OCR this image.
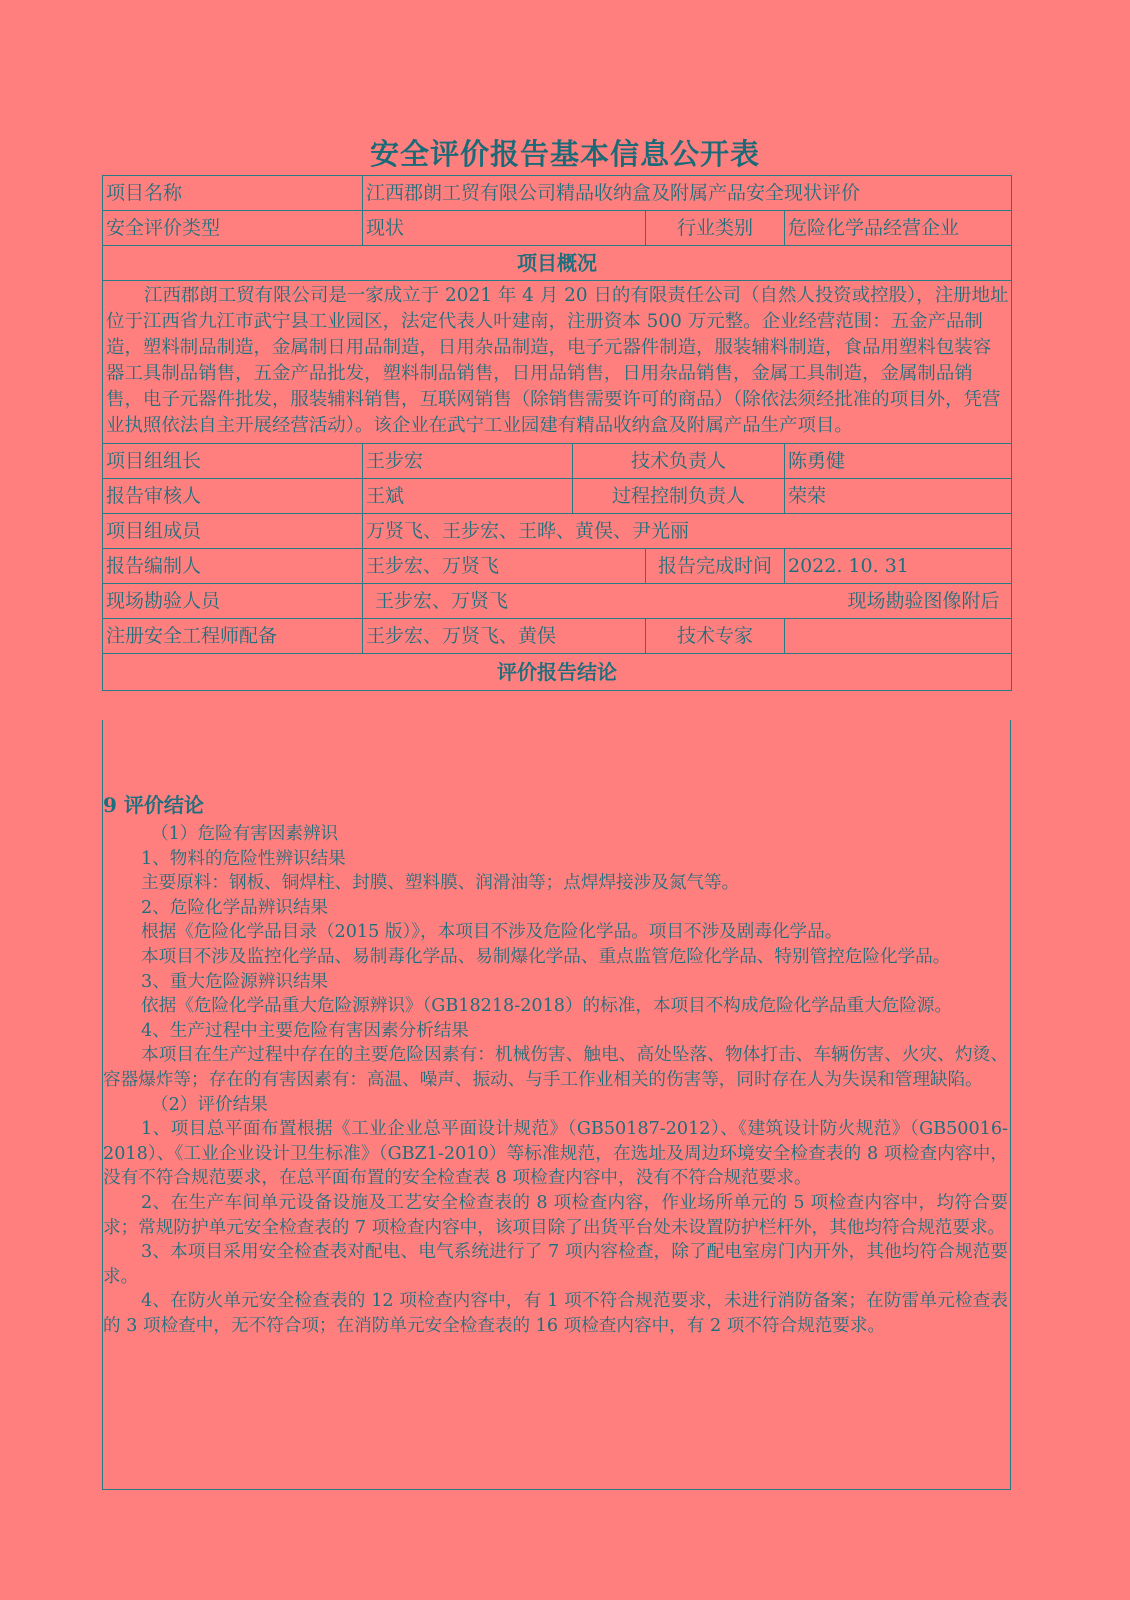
安全评价报告基本信息公开表
项目名称	江西郡朗工贸有限公司精品收纳盒及附属产品安全现状评价			
安全评价类型	现状		行业类别	危险化学品经营企业
项目概况				
江西郡朗工贸有限公司是一家成立于 2021 年 4 月 20 日的有限责任公司（自然人投资或控股），注册地址位于江西省九江市武宁县工业园区，法定代表人叶建南，注册资本 500 万元整。企业经营范围：五金产品制造，塑料制品制造，金属制日用品制造，日用杂品制造，电子元器件制造，服装辅料制造，食品用塑料包装容器工具制品销售，五金产品批发，塑料制品销售，日用品销售，日用杂品销售，金属工具制造，金属制品销售，电子元器件批发，服装辅料销售，互联网销售（除销售需要许可的商品）（除依法须经批准的项目外，凭营业执照依法自主开展经营活动）。该企业在武宁工业园建有精品收纳盒及附属产品生产项目。				
项目组组长	王步宏	技术负责人		陈勇健
报告审核人	王斌	过程控制负责人		荣荣
项目组成员	万贤飞、王步宏、王晔、黄俣、尹光丽			
报告编制人	王步宏、万贤飞		报告完成时间	2022. 10. 31
现场勘验人员	王步宏、万贤飞 现场勘验图像附后			

注册安全工程师配备	王步宏、万贤飞、黄俣		技术专家	
评价报告结论				
9 评价结论

（1）危险有害因素辨识

1、物料的危险性辨识结果

主要原料：钢板、铜焊柱、封膜、塑料膜、润滑油等；点焊焊接涉及氮气等。

2、危险化学品辨识结果

根据《危险化学品目录（2015 版）》，本项目不涉及危险化学品。项目不涉及剧毒化学品。

本项目不涉及监控化学品、易制毒化学品、易制爆化学品、重点监管危险化学品、特别管控危险化学品。

3、重大危险源辨识结果

依据《危险化学品重大危险源辨识》（GB18218-2018）的标准，本项目不构成危险化学品重大危险源。

4、生产过程中主要危险有害因素分析结果

本项目在生产过程中存在的主要危险因素有：机械伤害、触电、高处坠落、物体打击、车辆伤害、火灾、灼烫、容器爆炸等；存在的有害因素有：高温、噪声、振动、与手工作业相关的伤害等，同时存在人为失误和管理缺陷。

（2）评价结果

1、项目总平面布置根据《工业企业总平面设计规范》（GB50187-2012）、《建筑设计防火规范》（GB50016-2018）、《工业企业设计卫生标准》（GBZ1-2010）等标准规范，在选址及周边环境安全检查表的 8 项检查内容中，没有不符合规范要求，在总平面布置的安全检查表 8 项检查内容中，没有不符合规范要求。

2、在生产车间单元设备设施及工艺安全检查表的 8 项检查内容，作业场所单元的 5 项检查内容中，均符合要求；常规防护单元安全检查表的 7 项检查内容中，该项目除了出货平台处未设置防护栏杆外，其他均符合规范要求。

3、本项目采用安全检查表对配电、电气系统进行了 7 项内容检查，除了配电室房门内开外，其他均符合规范要求。

4、在防火单元安全检查表的 12 项检查内容中，有 1 项不符合规范要求，未进行消防备案；在防雷单元检查表的 3 项检查中，无不符合项；在消防单元安全检查表的 16 项检查内容中，有 2 项不符合规范要求。
